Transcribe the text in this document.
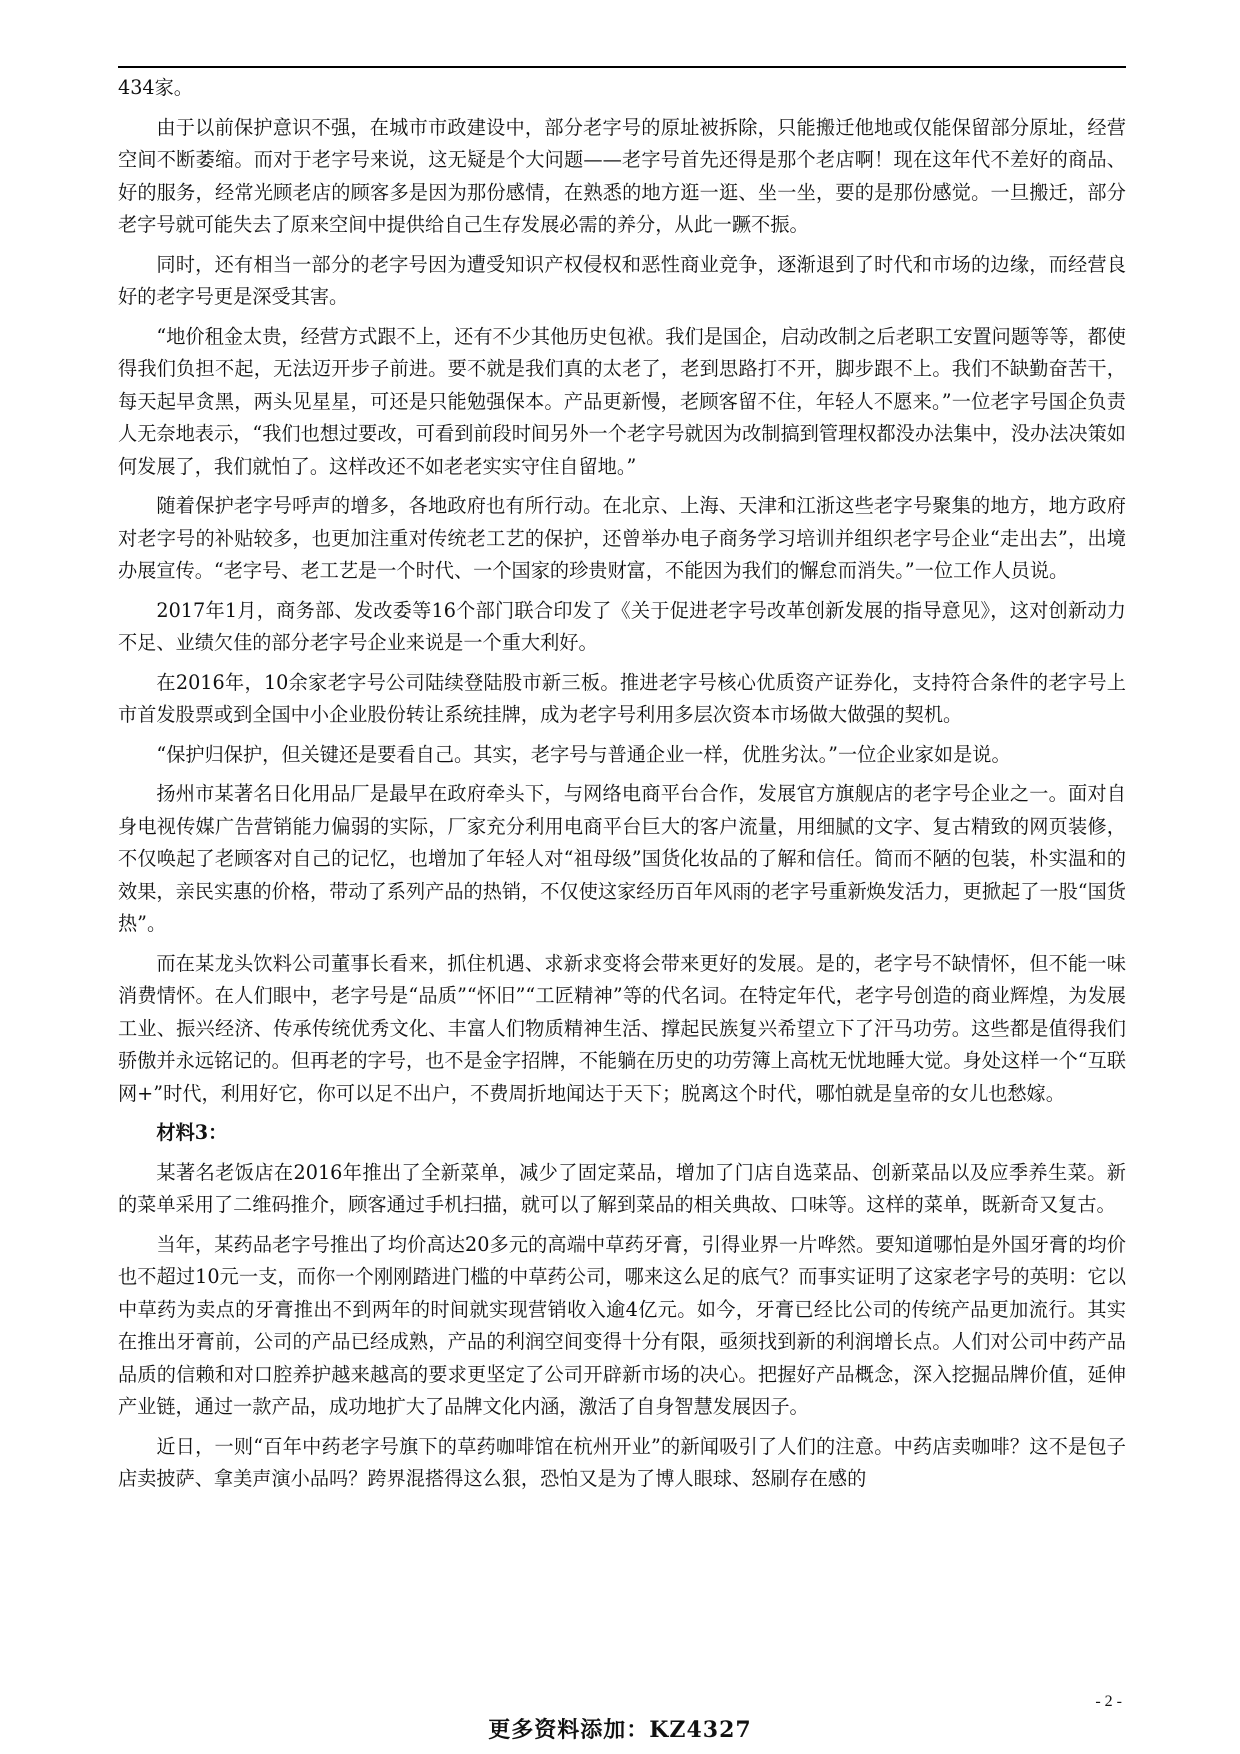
434家。

由于以前保护意识不强，在城市市政建设中，部分老字号的原址被拆除，只能搬迁他地或仅能保留部分原址，经营空间不断萎缩。而对于老字号来说，这无疑是个大问题——老字号首先还得是那个老店啊！现在这年代不差好的商品、好的服务，经常光顾老店的顾客多是因为那份感情，在熟悉的地方逛一逛、坐一坐，要的是那份感觉。一旦搬迁，部分老字号就可能失去了原来空间中提供给自己生存发展必需的养分，从此一蹶不振。

同时，还有相当一部分的老字号因为遭受知识产权侵权和恶性商业竞争，逐渐退到了时代和市场的边缘，而经营良好的老字号更是深受其害。

“地价租金太贵，经营方式跟不上，还有不少其他历史包袱。我们是国企，启动改制之后老职工安置问题等等，都使得我们负担不起，无法迈开步子前进。要不就是我们真的太老了，老到思路打不开，脚步跟不上。我们不缺勤奋苦干，每天起早贪黑，两头见星星，可还是只能勉强保本。产品更新慢，老顾客留不住，年轻人不愿来。”一位老字号国企负责人无奈地表示，“我们也想过要改，可看到前段时间另外一个老字号就因为改制搞到管理权都没办法集中，没办法决策如何发展了，我们就怕了。这样改还不如老老实实守住自留地。”

随着保护老字号呼声的增多，各地政府也有所行动。在北京、上海、天津和江浙这些老字号聚集的地方，地方政府对老字号的补贴较多，也更加注重对传统老工艺的保护，还曾举办电子商务学习培训并组织老字号企业“走出去”，出境办展宣传。“老字号、老工艺是一个时代、一个国家的珍贵财富，不能因为我们的懈怠而消失。”一位工作人员说。

2017年1月，商务部、发改委等16个部门联合印发了《关于促进老字号改革创新发展的指导意见》，这对创新动力不足、业绩欠佳的部分老字号企业来说是一个重大利好。

在2016年，10余家老字号公司陆续登陆股市新三板。推进老字号核心优质资产证券化，支持符合条件的老字号上市首发股票或到全国中小企业股份转让系统挂牌，成为老字号利用多层次资本市场做大做强的契机。

“保护归保护，但关键还是要看自己。其实，老字号与普通企业一样，优胜劣汰。”一位企业家如是说。

扬州市某著名日化用品厂是最早在政府牵头下，与网络电商平台合作，发展官方旗舰店的老字号企业之一。面对自身电视传媒广告营销能力偏弱的实际，厂家充分利用电商平台巨大的客户流量，用细腻的文字、复古精致的网页装修，不仅唤起了老顾客对自己的记忆，也增加了年轻人对“祖母级”国货化妆品的了解和信任。简而不陋的包装，朴实温和的效果，亲民实惠的价格，带动了系列产品的热销，不仅使这家经历百年风雨的老字号重新焕发活力，更掀起了一股“国货热”。

而在某龙头饮料公司董事长看来，抓住机遇、求新求变将会带来更好的发展。是的，老字号不缺情怀，但不能一味消费情怀。在人们眼中，老字号是“品质”“怀旧”“工匠精神”等的代名词。在特定年代，老字号创造的商业辉煌，为发展工业、振兴经济、传承传统优秀文化、丰富人们物质精神生活、撑起民族复兴希望立下了汗马功劳。这些都是值得我们骄傲并永远铭记的。但再老的字号，也不是金字招牌，不能躺在历史的功劳簿上高枕无忧地睡大觉。身处这样一个“互联网+”时代，利用好它，你可以足不出户，不费周折地闻达于天下；脱离这个时代，哪怕就是皇帝的女儿也愁嫁。

材料3：

某著名老饭店在2016年推出了全新菜单，减少了固定菜品，增加了门店自选菜品、创新菜品以及应季养生菜。新的菜单采用了二维码推介，顾客通过手机扫描，就可以了解到菜品的相关典故、口味等。这样的菜单，既新奇又复古。

当年，某药品老字号推出了均价高达20多元的高端中草药牙膏，引得业界一片哗然。要知道哪怕是外国牙膏的均价也不超过10元一支，而你一个刚刚踏进门槛的中草药公司，哪来这么足的底气？而事实证明了这家老字号的英明：它以中草药为卖点的牙膏推出不到两年的时间就实现营销收入逾4亿元。如今，牙膏已经比公司的传统产品更加流行。其实在推出牙膏前，公司的产品已经成熟，产品的利润空间变得十分有限，亟须找到新的利润增长点。人们对公司中药产品品质的信赖和对口腔养护越来越高的要求更坚定了公司开辟新市场的决心。把握好产品概念，深入挖掘品牌价值，延伸产业链，通过一款产品，成功地扩大了品牌文化内涵，激活了自身智慧发展因子。

近日，一则“百年中药老字号旗下的草药咖啡馆在杭州开业”的新闻吸引了人们的注意。中药店卖咖啡？这不是包子店卖披萨、拿美声演小品吗？跨界混搭得这么狠，恐怕又是为了博人眼球、怒刷存在感的

- 2 -
更多资料添加：KZ4327
